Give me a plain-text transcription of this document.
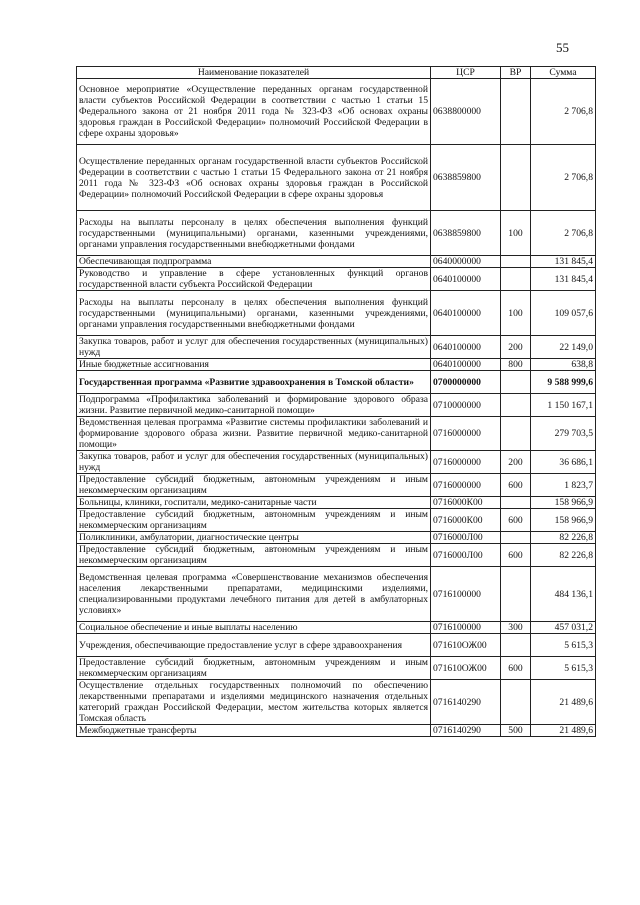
55
Наименование показателей	ЦСР	ВР	Сумма
Основное мероприятие «Осуществление переданных органам государственной власти субъектов Российской Федерации в соответствии с частью 1 статьи 15 Федерального закона от 21 ноября 2011 года № 323-ФЗ «Об основах охраны здоровья граждан в Российской Федерации» полномочий Российской Федерации в сфере охраны здоровья»	0638800000		2 706,8
Осуществление переданных органам государственной власти субъектов Российской Федерации в соответствии с частью 1 статьи 15 Федерального закона от 21 ноября 2011 года № 323-ФЗ «Об основах охраны здоровья граждан в Российской Федерации» полномочий Российской Федерации в сфере охраны здоровья	0638859800		2 706,8
Расходы на выплаты персоналу в целях обеспечения выполнения функций государственными (муниципальными) органами, казенными учреждениями, органами управления государственными внебюджетными фондами	0638859800	100	2 706,8
Обеспечивающая подпрограмма	0640000000		131 845,4
Руководство и управление в сфере установленных функций органов государственной власти субъекта Российской Федерации	0640100000		131 845,4
Расходы на выплаты персоналу в целях обеспечения выполнения функций государственными (муниципальными) органами, казенными учреждениями, органами управления государственными внебюджетными фондами	0640100000	100	109 057,6
Закупка товаров, работ и услуг для обеспечения государственных (муниципальных) нужд	0640100000	200	22 149,0
Иные бюджетные ассигнования	0640100000	800	638,8
Государственная программа «Развитие здравоохранения в Томской области»	0700000000		9 588 999,6
Подпрограмма «Профилактика заболеваний и формирование здорового образа жизни. Развитие первичной медико-санитарной помощи»	0710000000		1 150 167,1
Ведомственная целевая программа «Развитие системы профилактики заболеваний и формирование здорового образа жизни. Развитие первичной медико-санитарной помощи»	0716000000		279 703,5
Закупка товаров, работ и услуг для обеспечения государственных (муниципальных) нужд	0716000000	200	36 686,1
Предоставление субсидий бюджетным, автономным учреждениям и иным некоммерческим организациям	0716000000	600	1 823,7
Больницы, клиники, госпитали, медико-санитарные части	0716000К00		158 966,9
Предоставление субсидий бюджетным, автономным учреждениям и иным некоммерческим организациям	0716000К00	600	158 966,9
Поликлиники, амбулатории, диагностические центры	0716000Л00		82 226,8
Предоставление субсидий бюджетным, автономным учреждениям и иным некоммерческим организациям	0716000Л00	600	82 226,8
Ведомственная целевая программа «Совершенствование механизмов обеспечения населения лекарственными препаратами, медицинскими изделиями, специализированными продуктами лечебного питания для детей в амбулаторных условиях»	0716100000		484 136,1
Социальное обеспечение и иные выплаты населению	0716100000	300	457 031,2
Учреждения, обеспечивающие предоставление услуг в сфере здравоохранения	071610ОЖ00		5 615,3
Предоставление субсидий бюджетным, автономным учреждениям и иным некоммерческим организациям	071610ОЖ00	600	5 615,3
Осуществление отдельных государственных полномочий по обеспечению лекарственными препаратами и изделиями медицинского назначения отдельных категорий граждан Российской Федерации, местом жительства которых является Томская область	0716140290		21 489,6
Межбюджетные трансферты	0716140290	500	21 489,6
